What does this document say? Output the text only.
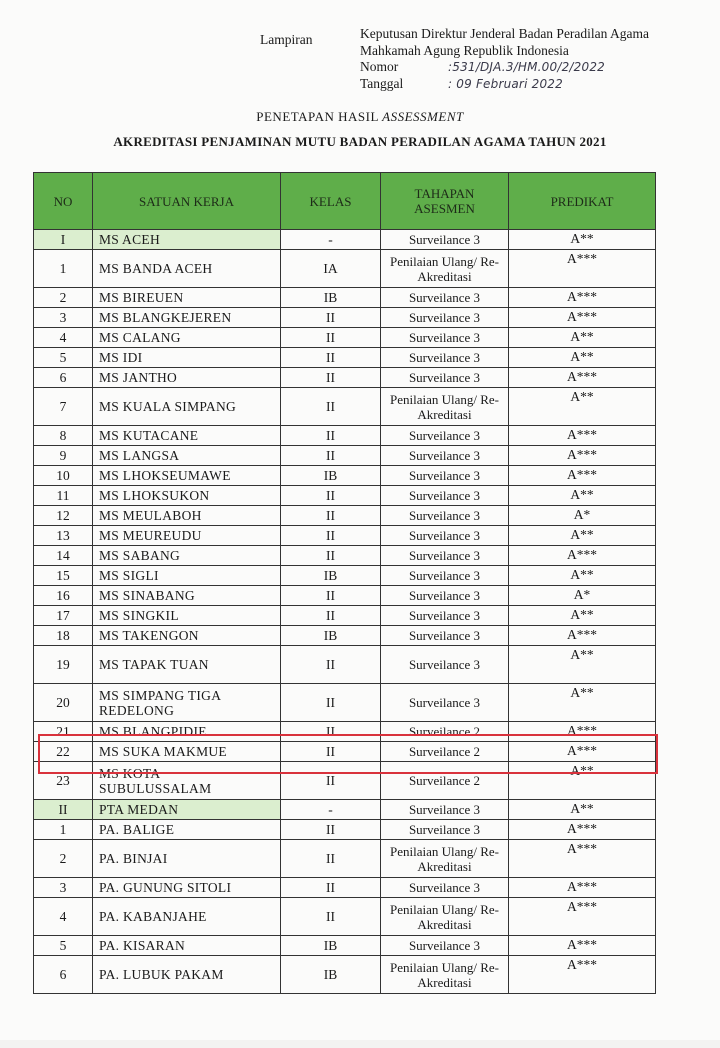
Lampiran	Keputusan Direktur Jenderal Badan Peradilan Agama
Mahkamah Agung Republik Indonesia
Nomor	:531/DJA.3/HM.00/2/2022
Tanggal	: 09 Februari 2022
PENETAPAN HASIL ASSESSMENT
AKREDITASI PENJAMINAN MUTU BADAN PERADILAN AGAMA TAHUN 2021
NO	SATUAN KERJA	KELAS	TAHAPAN ASESMEN	PREDIKAT
I	MS ACEH	-	Surveilance 3	A**
1	MS BANDA ACEH	IA	Penilaian Ulang/ Re-Akreditasi	A***
2	MS BIREUEN	IB	Surveilance 3	A***
3	MS BLANGKEJEREN	II	Surveilance 3	A***
4	MS CALANG	II	Surveilance 3	A**
5	MS IDI	II	Surveilance 3	A**
6	MS JANTHO	II	Surveilance 3	A***
7	MS KUALA SIMPANG	II	Penilaian Ulang/ Re-Akreditasi	A**
8	MS KUTACANE	II	Surveilance 3	A***
9	MS LANGSA	II	Surveilance 3	A***
10	MS LHOKSEUMAWE	IB	Surveilance 3	A***
11	MS LHOKSUKON	II	Surveilance 3	A**
12	MS MEULABOH	II	Surveilance 3	A*
13	MS MEUREUDU	II	Surveilance 3	A**
14	MS SABANG	II	Surveilance 3	A***
15	MS SIGLI	IB	Surveilance 3	A**
16	MS SINABANG	II	Surveilance 3	A*
17	MS SINGKIL	II	Surveilance 3	A**
18	MS TAKENGON	IB	Surveilance 3	A***
19	MS TAPAK TUAN	II	Surveilance 3	A**
20	MS SIMPANG TIGA REDELONG	II	Surveilance 3	A**
21	MS BLANGPIDIE	II	Surveilance 2	A***
22	MS SUKA MAKMUE	II	Surveilance 2	A***
23	MS KOTA SUBULUSSALAM	II	Surveilance 2	A**
II	PTA MEDAN	-	Surveilance 3	A**
1	PA. BALIGE	II	Surveilance 3	A***
2	PA. BINJAI	II	Penilaian Ulang/ Re-Akreditasi	A***
3	PA. GUNUNG SITOLI	II	Surveilance 3	A***
4	PA. KABANJAHE	II	Penilaian Ulang/ Re-Akreditasi	A***
5	PA. KISARAN	IB	Surveilance 3	A***
6	PA. LUBUK PAKAM	IB	Penilaian Ulang/ Re-Akreditasi	A***
